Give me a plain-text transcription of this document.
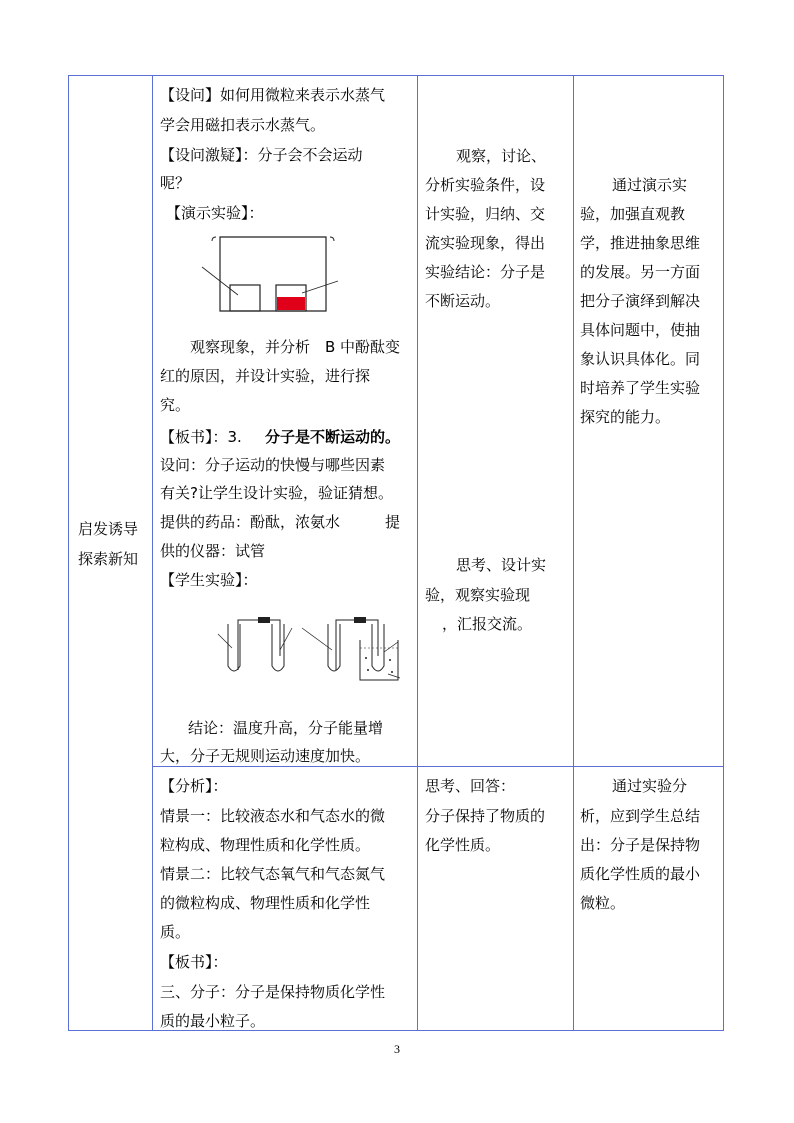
启发诱导
探索新知
【设问】如何用微粒来表示水蒸气
学会用磁扣表示水蒸气。
【设问激疑】：分子会不会运动
呢？
【演示实验】：
观察现象，并分析　B 中酚酞变
红的原因，并设计实验，进行探
究。
【板书】：3. 分子是不断运动的。
设问：分子运动的快慢与哪些因素
有关?让学生设计实验，验证猜想。
提供的药品：酚酞，浓氨水　　　提
供的仪器：试管
【学生实验】：
结论：温度升高，分子能量增
大，分子无规则运动速度加快。
观察，讨论、
分析实验条件，设
计实验，归纳、交
流实验现象，得出
实验结论：分子是
不断运动。
思考、设计实
验，观察实验现
，汇报交流。
通过演示实
验，加强直观教
学，推进抽象思维
的发展。另一方面
把分子演绎到解决
具体问题中，使抽
象认识具体化。同
时培养了学生实验
探究的能力。
【分析】：
情景一：比较液态水和气态水的微
粒构成、物理性质和化学性质。
情景二：比较气态氧气和气态氮气
的微粒构成、物理性质和化学性
质。
【板书】：
三、分子：分子是保持物质化学性
质的最小粒子。
思考、回答：
分子保持了物质的
化学性质。
通过实验分
析，应到学生总结
出：分子是保持物
质化学性质的最小
微粒。
3
